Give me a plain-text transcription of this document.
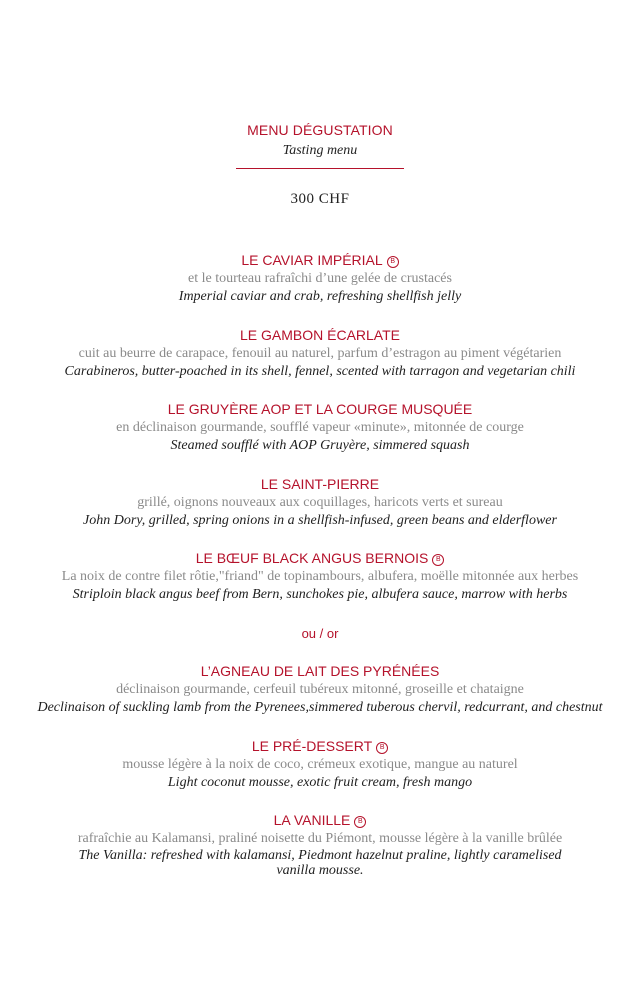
MENU DÉGUSTATION
Tasting menu
300 CHF
LE CAVIAR IMPÉRIAL B
et le tourteau rafraîchi d’une gelée de crustacés
Imperial caviar and crab, refreshing shellfish jelly
LE GAMBON ÉCARLATE
cuit au beurre de carapace, fenouil au naturel, parfum d’estragon au piment végétarien
Carabineros, butter-poached in its shell, fennel, scented with tarragon and vegetarian chili
LE GRUYÈRE AOP ET LA COURGE MUSQUÉE
en déclinaison gourmande, soufflé vapeur «minute», mitonnée de courge
Steamed soufflé with AOP Gruyère, simmered squash
LE SAINT-PIERRE
grillé, oignons nouveaux aux coquillages, haricots verts et sureau
John Dory, grilled, spring onions in a shellfish-infused, green beans and elderflower
LE BŒUF BLACK ANGUS BERNOIS B
La noix de contre filet rôtie,"friand" de topinambours, albufera, moëlle mitonnée aux herbes
Striploin black angus beef from Bern, sunchokes pie, albufera sauce, marrow with herbs
ou / or
L’AGNEAU DE LAIT DES PYRÉNÉES
déclinaison gourmande, cerfeuil tubéreux mitonné, groseille et chataigne
Declinaison of suckling lamb from the Pyrenees,simmered tuberous chervil, redcurrant, and chestnut
LE PRÉ-DESSERT B
mousse légère à la noix de coco, crémeux exotique, mangue au naturel
Light coconut mousse, exotic fruit cream, fresh mango
LA VANILLE B
rafraîchie au Kalamansi, praliné noisette du Piémont, mousse légère à la vanille brûlée
The Vanilla: refreshed with kalamansi, Piedmont hazelnut praline, lightly caramelised vanilla mousse.
